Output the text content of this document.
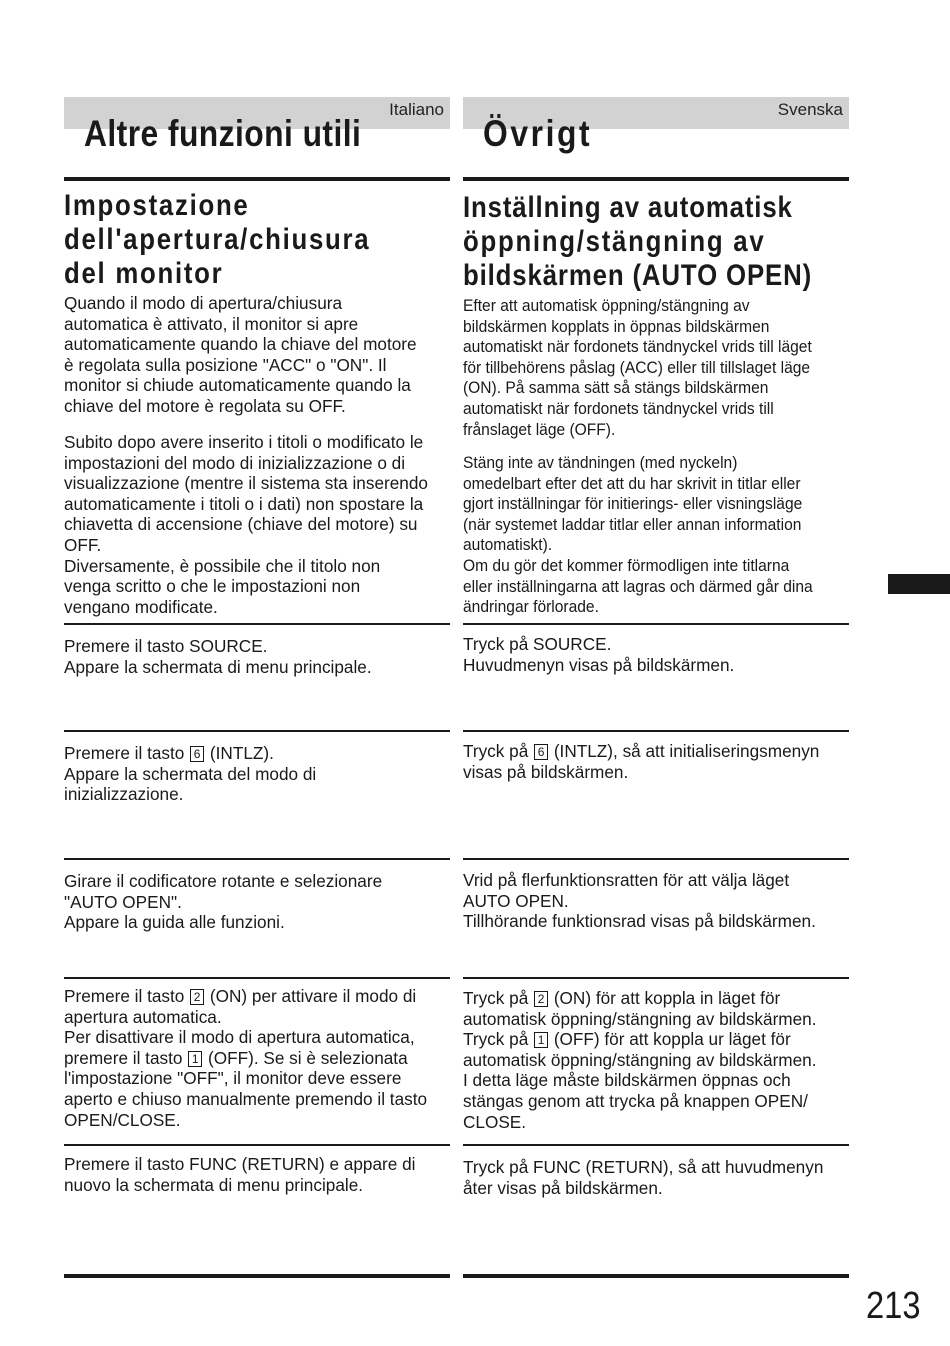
Italiano
Altre funzioni utili
Impostazione
dell'apertura/chiusura
del monitor
Quando il modo di apertura/chiusura
automatica è attivato, il monitor si apre
automaticamente quando la chiave del motore
è regolata sulla posizione "ACC" o "ON". Il
monitor si chiude automaticamente quando la
chiave del motore è regolata su OFF.
Subito dopo avere inserito i titoli o modificato le
impostazioni del modo di inizializzazione o di
visualizzazione (mentre il sistema sta inserendo
automaticamente i titoli o i dati) non spostare la
chiavetta di accensione (chiave del motore) su
OFF.
Diversamente, è possibile che il titolo non
venga scritto o che le impostazioni non
vengano modificate.
Premere il tasto SOURCE.
Appare la schermata di menu principale.
Premere il tasto 6 (INTLZ).
Appare la schermata del modo di
inizializzazione.
Girare il codificatore rotante e selezionare
"AUTO OPEN".
Appare la guida alle funzioni.
Premere il tasto 2 (ON) per attivare il modo di
apertura automatica.
Per disattivare il modo di apertura automatica,
premere il tasto 1 (OFF). Se si è selezionata
l'impostazione "OFF", il monitor deve essere
aperto e chiuso manualmente premendo il tasto
OPEN/CLOSE.
Premere il tasto FUNC (RETURN) e appare di
nuovo la schermata di menu principale.
Svenska
Övrigt
Inställning av automatisk
öppning/stängning av
bildskärmen (AUTO OPEN)
Efter att automatisk öppning/stängning av
bildskärmen kopplats in öppnas bildskärmen
automatiskt när fordonets tändnyckel vrids till läget
för tillbehörens påslag (ACC) eller till tillslaget läge
(ON). På samma sätt så stängs bildskärmen
automatiskt när fordonets tändnyckel vrids till
frånslaget läge (OFF).
Stäng inte av tändningen (med nyckeln)
omedelbart efter det att du har skrivit in titlar eller
gjort inställningar för initierings- eller visningsläge
(när systemet laddar titlar eller annan information
automatiskt).
Om du gör det kommer förmodligen inte titlarna
eller inställningarna att lagras och därmed går dina
ändringar förlorade.
Tryck på SOURCE.
Huvudmenyn visas på bildskärmen.
Tryck på 6 (INTLZ), så att initialiseringsmenyn
visas på bildskärmen.
Vrid på flerfunktionsratten för att välja läget
AUTO OPEN.
Tillhörande funktionsrad visas på bildskärmen.
Tryck på 2 (ON) för att koppla in läget för
automatisk öppning/stängning av bildskärmen.
Tryck på 1 (OFF) för att koppla ur läget för
automatisk öppning/stängning av bildskärmen.
I detta läge måste bildskärmen öppnas och
stängas genom att trycka på knappen OPEN/
CLOSE.
Tryck på FUNC (RETURN), så att huvudmenyn
åter visas på bildskärmen.
213
